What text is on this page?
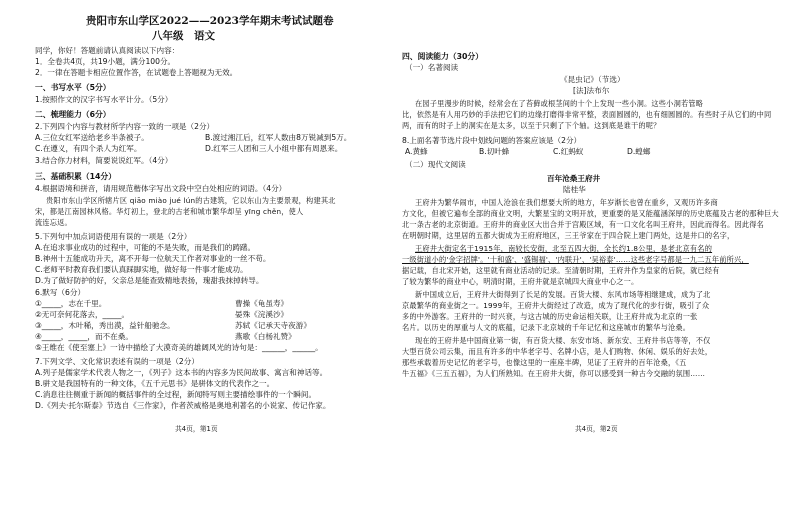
贵阳市东山学区2022——2023学年期末考试试题卷
八年级　语文
同学，你好！答题前请认真阅读以下内容：
1．全卷共4页，共19小题，满分100分。
2．一律在答题卡相应位置作答，在试题卷上答题视为无效。
一、书写水平（5分）
1.按照作文的汉字书写水平计分。（5分）
二、梳理能力（6分）
2.下列四个内容与教材所学内容一致的一项是（2分）
A.三位女红军送给老乡半条被子。	B.渡过湘江后，红军人数由8万锐减到5万。
C.在遵义，有四个杀人为红军。	D.红军三人团和三人小组中都有周恩来。
3.结合你力材料，简要说说红军。（4分）
三、基础积累（14分）
4.根据语境和拼音，请用规范楷体字写出文段中空白处相应的词语。（4分）
贵阳市东山学区所辖片区 qiāo miào jué lún的古建筑，它以东山为主要景观，构建其北
宋，都是江南园林风格。华灯初上，登北的古老和城市繁华却呈 yīng chěn，使人
流连忘返。
5.下列句中加点词语使用有误的一项是（2分）
A.在追求事业成功的过程中，可能的不是失败，而是我们的踌躇。
B.神州十五能成功升天，离不开每一位航天工作者对事业的一丝不苟。
C.老师平时教育我们要认真踩脚实地，做好每一件事才能成功。
D.为了做好防护的好，父亲总是能查致精地表扬，瑰甜我抹掉转导。
6.默写（6分）
①_____，志在千里。	曹操《龟虽寿》
②无可奈何花落去，_____。	晏殊《浣溪沙》
③_____，木叶稀，秀出漠，益针船驰念。	苏轼《记承天寺夜游》
④_____，_____，而不在桑。	燕歌《白杨礼赞》
⑤王维在《使至塞上》一诗中描绘了大漠奇美的雄阔风光的诗句是：______，______。
7.下列文学、文化常识表述有误的一项是（2分）
A.列子是儒家学术代表人物之一，《列子》这本书的内容多为民间故事、寓言和神话等。
B.骈文是我国特有的一种文体，《五千元思书》是骈体文的代表作之一。
C.消息往往侧重于新闻的概括事件的全过程，新闻特写则主要描绘事件的一个瞬间。
D.《列夫·托尔斯泰》节选自《三作家》，作者茨威格是奥地利著名的小说家、传记作家。
共4页，第1页
四、阅读能力（30分）
（一）名著阅读
《昆虫记》（节选）
[法]法布尔
在园子里漫步的时候，经常会在了苔藓或根茎间的十个上发现一些小洞。这些小洞若管略
比，依然是有人用巧妙的手法把它们的边缘打磨得非常平整，表面圆圆的，也有细圆圆的。有些时子从它们的中同
两，而有的时子上的洞实在是太多，以至于只剩了下个轴。这到底是谁干的呢？
8.上面名著节选片段中划线问题的答案应该是（2分）
A.黄蜂	B.切叶蜂	C.红蚂蚁	D.蝗螂
（二）现代文阅读
百年沧桑王府井
陆桂华
王府井为繁华闹市，中国人沧浪在我们想要大所的地方，年岁渐长也曾在重乡，又观历许多商
方文化，但被它遍布全部的商业文明，大繁星宝的文明开放，更重要的是又能蕴涵深厚的历史底蕴及古老的那种巨大
北一条古老的北京街道。王府井的商业区大出合并于宫殿区域，有一口文化名叫王府井，因此而得名。因此得名
在明朝时期，这里居的五都大街成为王府府地区，三王爷家在于四合院上建门两处，这是井口的名字，
王府井大街定名于1915年，南较长安街，北至五四大街，全长约1.8公里，是老北京有名的
一级街道小的'金字招牌'。'十和盛'、'盛锡福'、'内联升'、'吴裕泰'……这些老字号都是一九二五年前所兴，
据记载，自北宋开始，这里就有商业活动的记录。至清朝时期，王府井作为皇家的后院，就已经有
了较为繁华的商业中心，明清时期，王府井就是京城四大商业中心之一。
新中国成立后，王府井大街得到了长足的发展。百货大楼、东风市场等相继建成，成为了北
京最繁华的商业街之一。1999年，王府井大街经过了改造，成为了现代化的步行街，吸引了众
多的中外游客。王府井的一时兴衰，与这古城的历史命运相关联，让王府井成为北京的一张
名片。以历史的厚重与人文的底蕴，记录下北京城的千年记忆和这座城市的繁华与沧桑。
现在的王府井是中国商业第一街，有百货大楼、东安市场、新东安、王府井书店等等，不仅
大型百货公司云集，而且有许多的中华老字号、名牌小店，是人们购物、休闲、娱乐的好去处，
那些承载着历史记忆的老字号，也像这里的一座座丰碑，见证了王府井的百年沧桑，《五
牛五福》《三五五福》，为人们所熟知。在王府井大街，你可以感受到一种古今交融的氛围……
共4页，第2页
